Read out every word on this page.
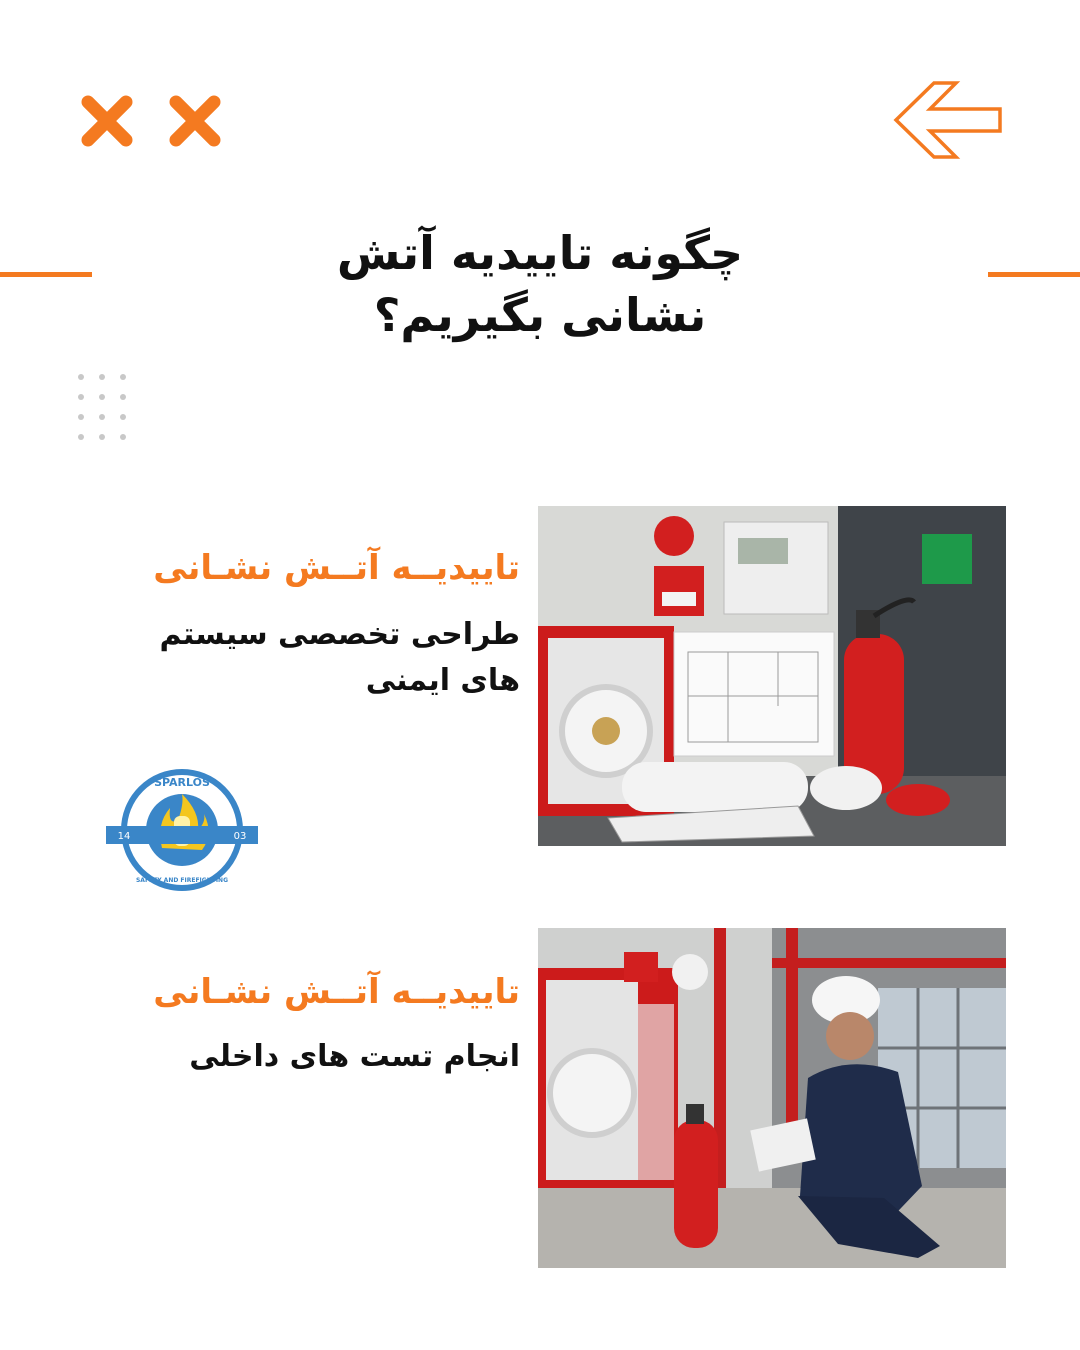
چگونه تاییدیه آتش
نشانی بگیریم؟
تاییدیــه آتــش نشـانی
طراحی تخصصی سیستم
های ایمنی
SPARLOS
14	03
SAFETY AND FIREFIGHTING
تاییدیــه آتــش نشـانی
انجام تست های داخلی
